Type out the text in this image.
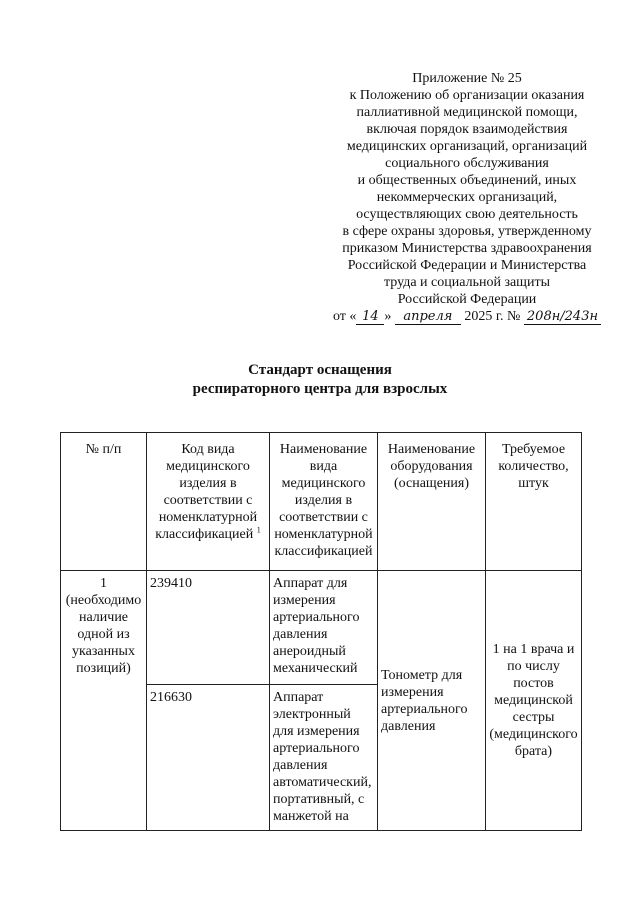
Приложение № 25
к Положению об организации оказания
паллиативной медицинской помощи,
включая порядок взаимодействия
медицинских организаций, организаций
социального обслуживания
и общественных объединений, иных
некоммерческих организаций,
осуществляющих свою деятельность
в сфере охраны здоровья, утвержденному
приказом Министерства здравоохранения
Российской Федерации и Министерства
труда и социальной защиты
Российской Федерации
от « 14 » апреля 2025 г. № 208н/243н
Стандарт оснащения
респираторного центра для взрослых
№ п/п	Код вида медицинского изделия в соответствии с номенклатурной классификацией $^1$	Наименование вида медицинского изделия в соответствии с номенклатурной классификацией	Наименование оборудования (оснащения)	Требуемое количество, штук
1 (необходимо наличие одной из указанных позиций)	239410	Аппарат для измерения артериального давления анероидный механический	Тонометр для измерения артериального давления	1 на 1 врача и по числу постов медицинской сестры (медицинского брата)
	216630	Аппарат электронный для измерения артериального давления автоматический, портативный, с манжетой на		
